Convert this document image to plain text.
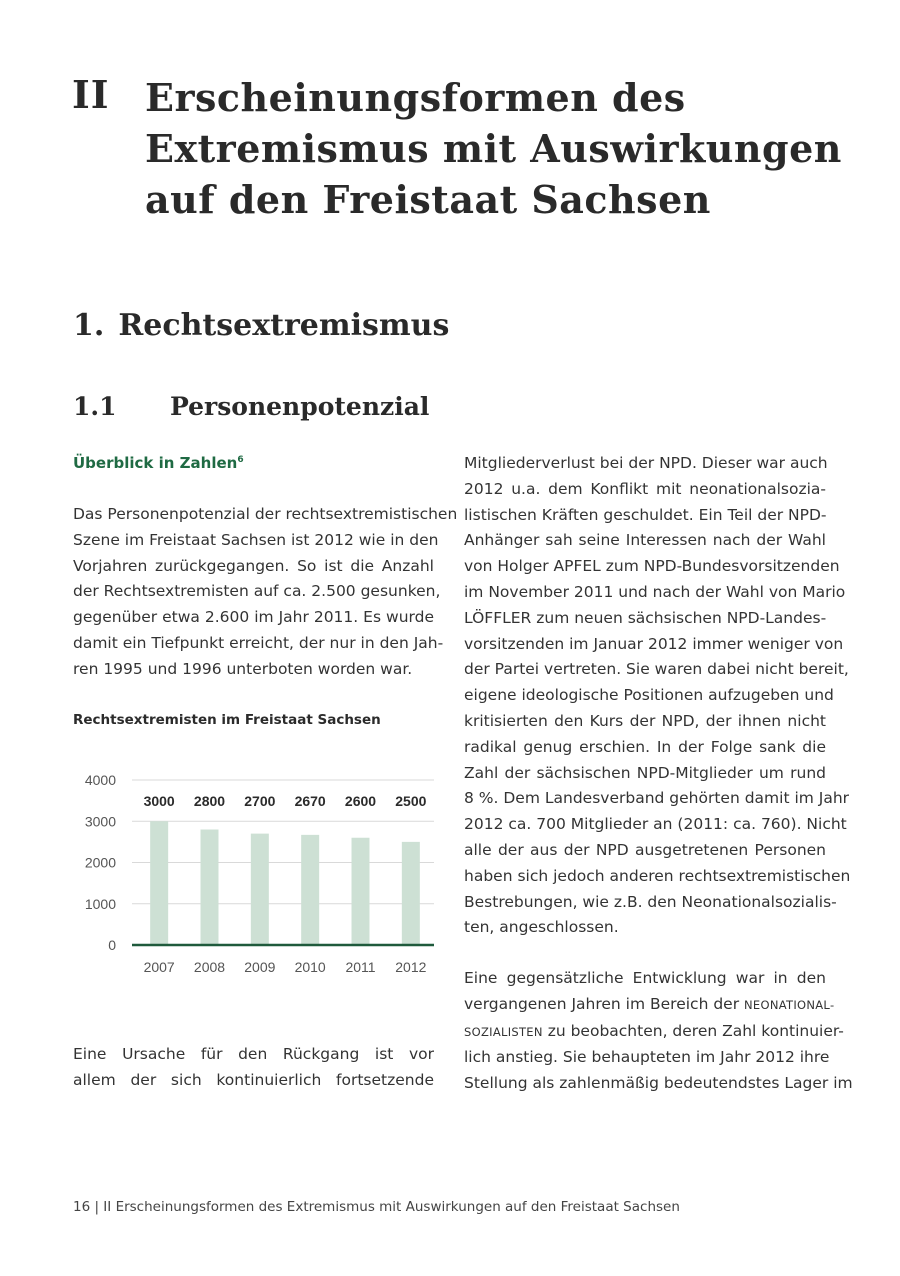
II Erscheinungsformen des
Extremismus mit Auswirkungen
auf den Freistaat Sachsen
1. Rechtsextremismus
1.1 Personenpotenzial
Überblick in Zahlen$^6$
Das Personenpotenzial der rechtsextremistischen
Szene im Freistaat Sachsen ist 2012 wie in den
Vorjahren zurückgegangen. So ist die Anzahl
der Rechtsextremisten auf ca. 2.500 gesunken,
gegenüber etwa 2.600 im Jahr 2011. Es wurde
damit ein Tiefpunkt erreicht, der nur in den Jah-
ren 1995 und 1996 unterboten worden war.
Rechtsextremisten im Freistaat Sachsen
0
1000
2000
3000
4000
3000
2007
2800
2008
2700
2009
2670
2010
2600
2011
2500
2012
Eine Ursache für den Rückgang ist vor
allem der sich kontinuierlich fortsetzende
Mitgliederverlust bei der NPD. Dieser war auch
2012 u.a. dem Konflikt mit neonationalsozia-
listischen Kräften geschuldet. Ein Teil der NPD-
Anhänger sah seine Interessen nach der Wahl
von Holger APFEL zum NPD-Bundesvorsitzenden
im November 2011 und nach der Wahl von Mario
LÖFFLER zum neuen sächsischen NPD-Landes-
vorsitzenden im Januar 2012 immer weniger von
der Partei vertreten. Sie waren dabei nicht bereit,
eigene ideologische Positionen aufzugeben und
kritisierten den Kurs der NPD, der ihnen nicht
radikal genug erschien. In der Folge sank die
Zahl der sächsischen NPD-Mitglieder um rund
8 %. Dem Landesverband gehörten damit im Jahr
2012 ca. 700 Mitglieder an (2011: ca. 760). Nicht
alle der aus der NPD ausgetretenen Personen
haben sich jedoch anderen rechtsextremistischen
Bestrebungen, wie z.B. den Neonationalsozialis-
ten, angeschlossen.
Eine gegensätzliche Entwicklung war in den
vergangenen Jahren im Bereich der NEONATIONAL-
SOZIALISTEN zu beobachten, deren Zahl kontinuier-
lich anstieg. Sie behaupteten im Jahr 2012 ihre
Stellung als zahlenmäßig bedeutendstes Lager im
16 | II Erscheinungsformen des Extremismus mit Auswirkungen auf den Freistaat Sachsen
